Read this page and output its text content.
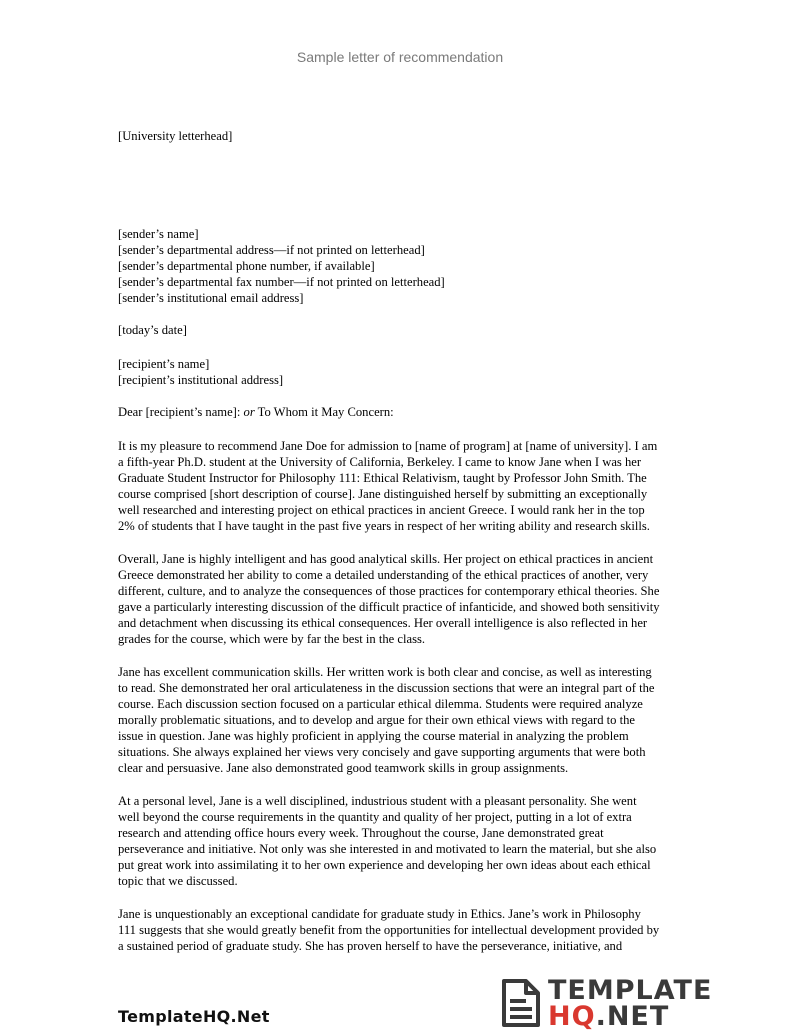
Sample letter of recommendation
[University letterhead]
[sender’s name]
[sender’s departmental address—if not printed on letterhead]
[sender’s departmental phone number, if available]
[sender’s departmental fax number—if not printed on letterhead]
[sender’s institutional email address]
[today’s date]
[recipient’s name]
[recipient’s institutional address]
Dear [recipient’s name]: or To Whom it May Concern:

It is my pleasure to recommend Jane Doe for admission to [name of program] at [name of university]. I am
a fifth-year Ph.D. student at the University of California, Berkeley. I came to know Jane when I was her
Graduate Student Instructor for Philosophy 111: Ethical Relativism, taught by Professor John Smith. The
course comprised [short description of course]. Jane distinguished herself by submitting an exceptionally
well researched and interesting project on ethical practices in ancient Greece. I would rank her in the top
2% of students that I have taught in the past five years in respect of her writing ability and research skills.

Overall, Jane is highly intelligent and has good analytical skills. Her project on ethical practices in ancient
Greece demonstrated her ability to come a detailed understanding of the ethical practices of another, very
different, culture, and to analyze the consequences of those practices for contemporary ethical theories. She
gave a particularly interesting discussion of the difficult practice of infanticide, and showed both sensitivity
and detachment when discussing its ethical consequences. Her overall intelligence is also reflected in her
grades for the course, which were by far the best in the class.

Jane has excellent communication skills. Her written work is both clear and concise, as well as interesting
to read. She demonstrated her oral articulateness in the discussion sections that were an integral part of the
course. Each discussion section focused on a particular ethical dilemma. Students were required analyze
morally problematic situations, and to develop and argue for their own ethical views with regard to the
issue in question. Jane was highly proficient in applying the course material in analyzing the problem
situations. She always explained her views very concisely and gave supporting arguments that were both
clear and persuasive. Jane also demonstrated good teamwork skills in group assignments.

At a personal level, Jane is a well disciplined, industrious student with a pleasant personality. She went
well beyond the course requirements in the quantity and quality of her project, putting in a lot of extra
research and attending office hours every week. Throughout the course, Jane demonstrated great
perseverance and initiative. Not only was she interested in and motivated to learn the material, but she also
put great work into assimilating it to her own experience and developing her own ideas about each ethical
topic that we discussed.

Jane is unquestionably an exceptional candidate for graduate study in Ethics. Jane’s work in Philosophy
111 suggests that she would greatly benefit from the opportunities for intellectual development provided by
a sustained period of graduate study. She has proven herself to have the perseverance, initiative, and

TemplateHQ.Net
TEMPLATE
HQ.NET
